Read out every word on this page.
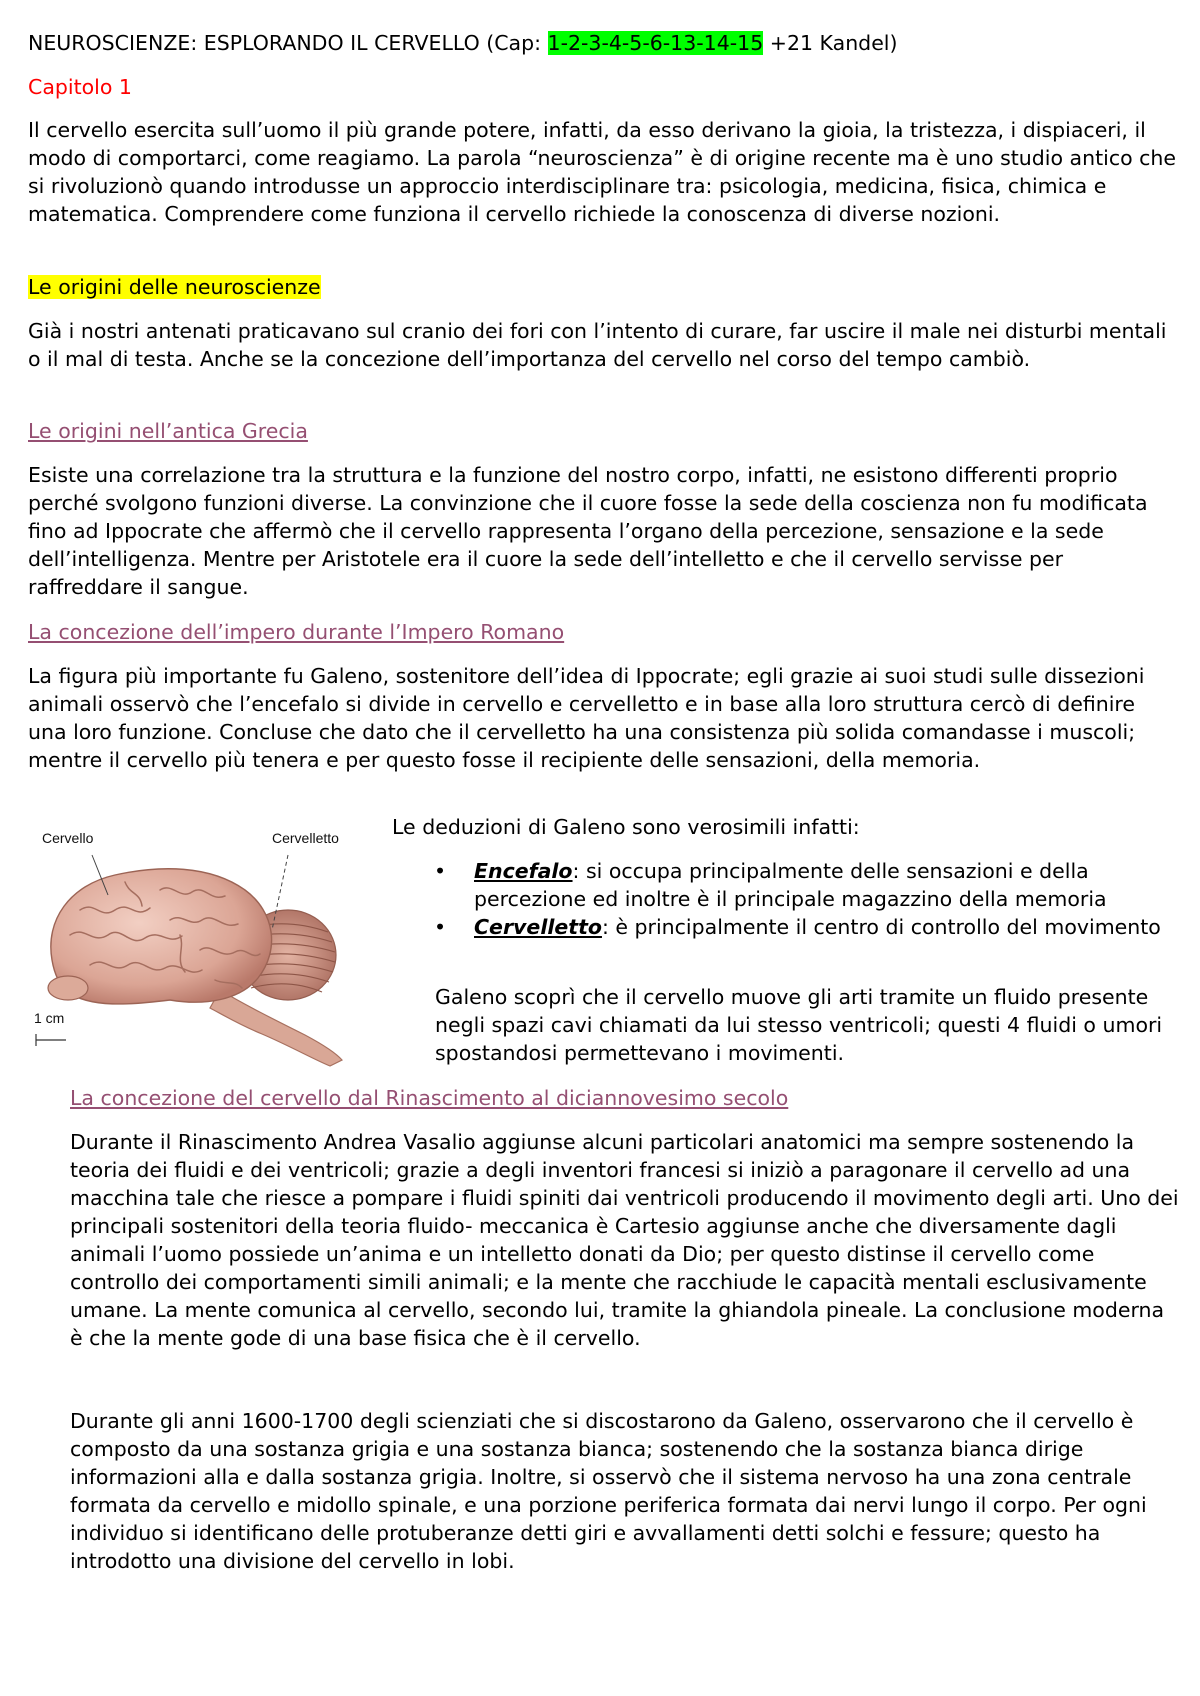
NEUROSCIENZE: ESPLORANDO IL CERVELLO (Cap: 1-2-3-4-5-6-13-14-15 +21 Kandel)

Capitolo 1

Il cervello esercita sull’uomo il più grande potere, infatti, da esso derivano la gioia, la tristezza, i dispiaceri, il modo di comportarci, come reagiamo. La parola “neuroscienza” è di origine recente ma è uno studio antico che si rivoluzionò quando introdusse un approccio interdisciplinare tra: psicologia, medicina, fisica, chimica e matematica. Comprendere come funziona il cervello richiede la conoscenza di diverse nozioni.

Le origini delle neuroscienze

Già i nostri antenati praticavano sul cranio dei fori con l’intento di curare, far uscire il male nei disturbi mentali o il mal di testa. Anche se la concezione dell’importanza del cervello nel corso del tempo cambiò.

Le origini nell’antica Grecia

Esiste una correlazione tra la struttura e la funzione del nostro corpo, infatti, ne esistono differenti proprio perché svolgono funzioni diverse. La convinzione che il cuore fosse la sede della coscienza non fu modificata fino ad Ippocrate che affermò che il cervello rappresenta l’organo della percezione, sensazione e la sede dell’intelligenza. Mentre per Aristotele era il cuore la sede dell’intelletto e che il cervello servisse per raffreddare il sangue.

La concezione dell’impero durante l’Impero Romano

La figura più importante fu Galeno, sostenitore dell’idea di Ippocrate; egli grazie ai suoi studi sulle dissezioni animali osservò che l’encefalo si divide in cervello e cervelletto e in base alla loro struttura cercò di definire una loro funzione. Concluse che dato che il cervelletto ha una consistenza più solida comandasse i muscoli; mentre il cervello più tenera e per questo fosse il recipiente delle sensazioni, della memoria.

Cervello	Cervelletto
1 cm

Le deduzioni di Galeno sono verosimili infatti:

• Encefalo: si occupa principalmente delle sensazioni e della percezione ed inoltre è il principale magazzino della memoria
• Cervelletto: è principalmente il centro di controllo del movimento

Galeno scoprì che il cervello muove gli arti tramite un fluido presente negli spazi cavi chiamati da lui stesso ventricoli; questi 4 fluidi o umori spostandosi permettevano i movimenti.

La concezione del cervello dal Rinascimento al diciannovesimo secolo

Durante il Rinascimento Andrea Vasalio aggiunse alcuni particolari anatomici ma sempre sostenendo la teoria dei fluidi e dei ventricoli; grazie a degli inventori francesi si iniziò a paragonare il cervello ad una macchina tale che riesce a pompare i fluidi spiniti dai ventricoli producendo il movimento degli arti. Uno dei principali sostenitori della teoria fluido- meccanica è Cartesio aggiunse anche che diversamente dagli animali l’uomo possiede un’anima e un intelletto donati da Dio; per questo distinse il cervello come controllo dei comportamenti simili animali; e la mente che racchiude le capacità mentali esclusivamente umane. La mente comunica al cervello, secondo lui, tramite la ghiandola pineale. La conclusione moderna è che la mente gode di una base fisica che è il cervello.

Durante gli anni 1600-1700 degli scienziati che si discostarono da Galeno, osservarono che il cervello è composto da una sostanza grigia e una sostanza bianca; sostenendo che la sostanza bianca dirige informazioni alla e dalla sostanza grigia. Inoltre, si osservò che il sistema nervoso ha una zona centrale formata da cervello e midollo spinale, e una porzione periferica formata dai nervi lungo il corpo. Per ogni individuo si identificano delle protuberanze detti giri e avvallamenti detti solchi e fessure; questo ha introdotto una divisione del cervello in lobi.
